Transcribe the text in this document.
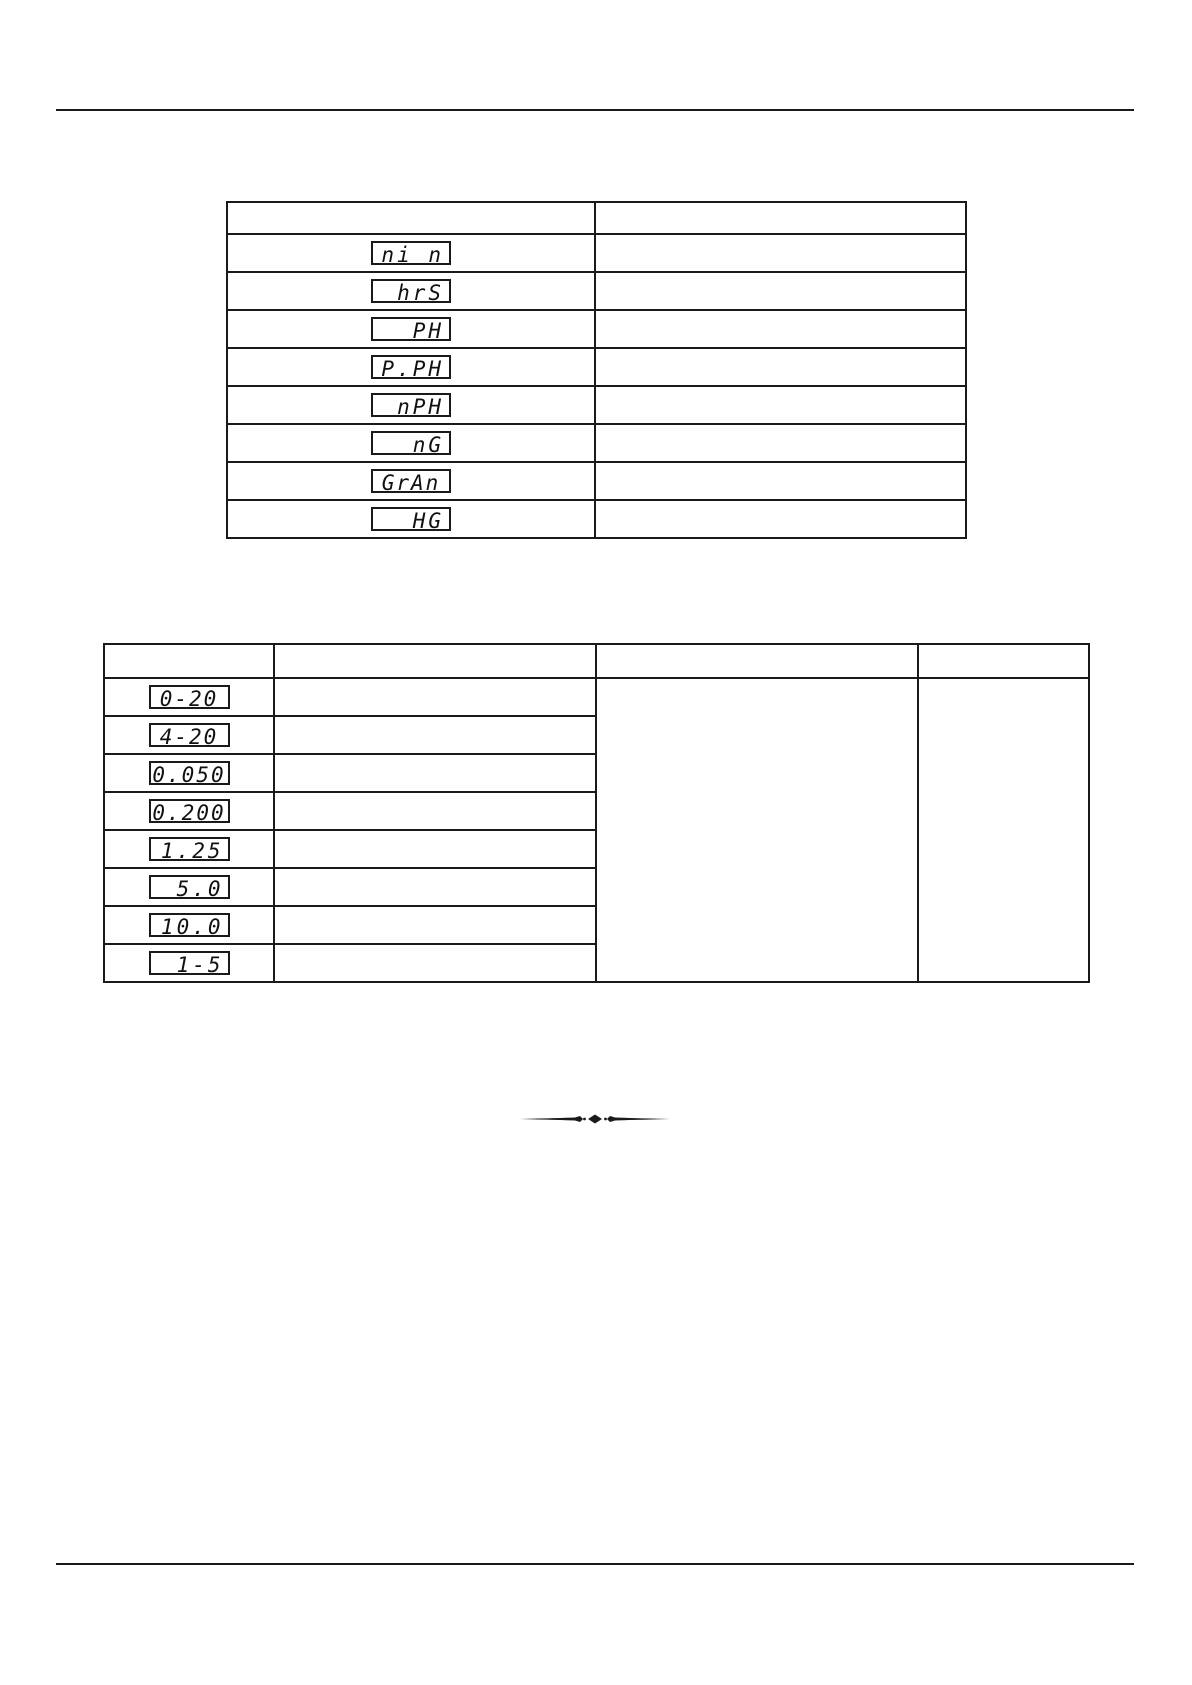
ni n	
hrS	
PH	
P.PH	
nPH	
nG	
GrAn	
HG	

0-20			
4-20			
0.050			
0.200			
1.25			
5.0			
10.0			
1-5			
